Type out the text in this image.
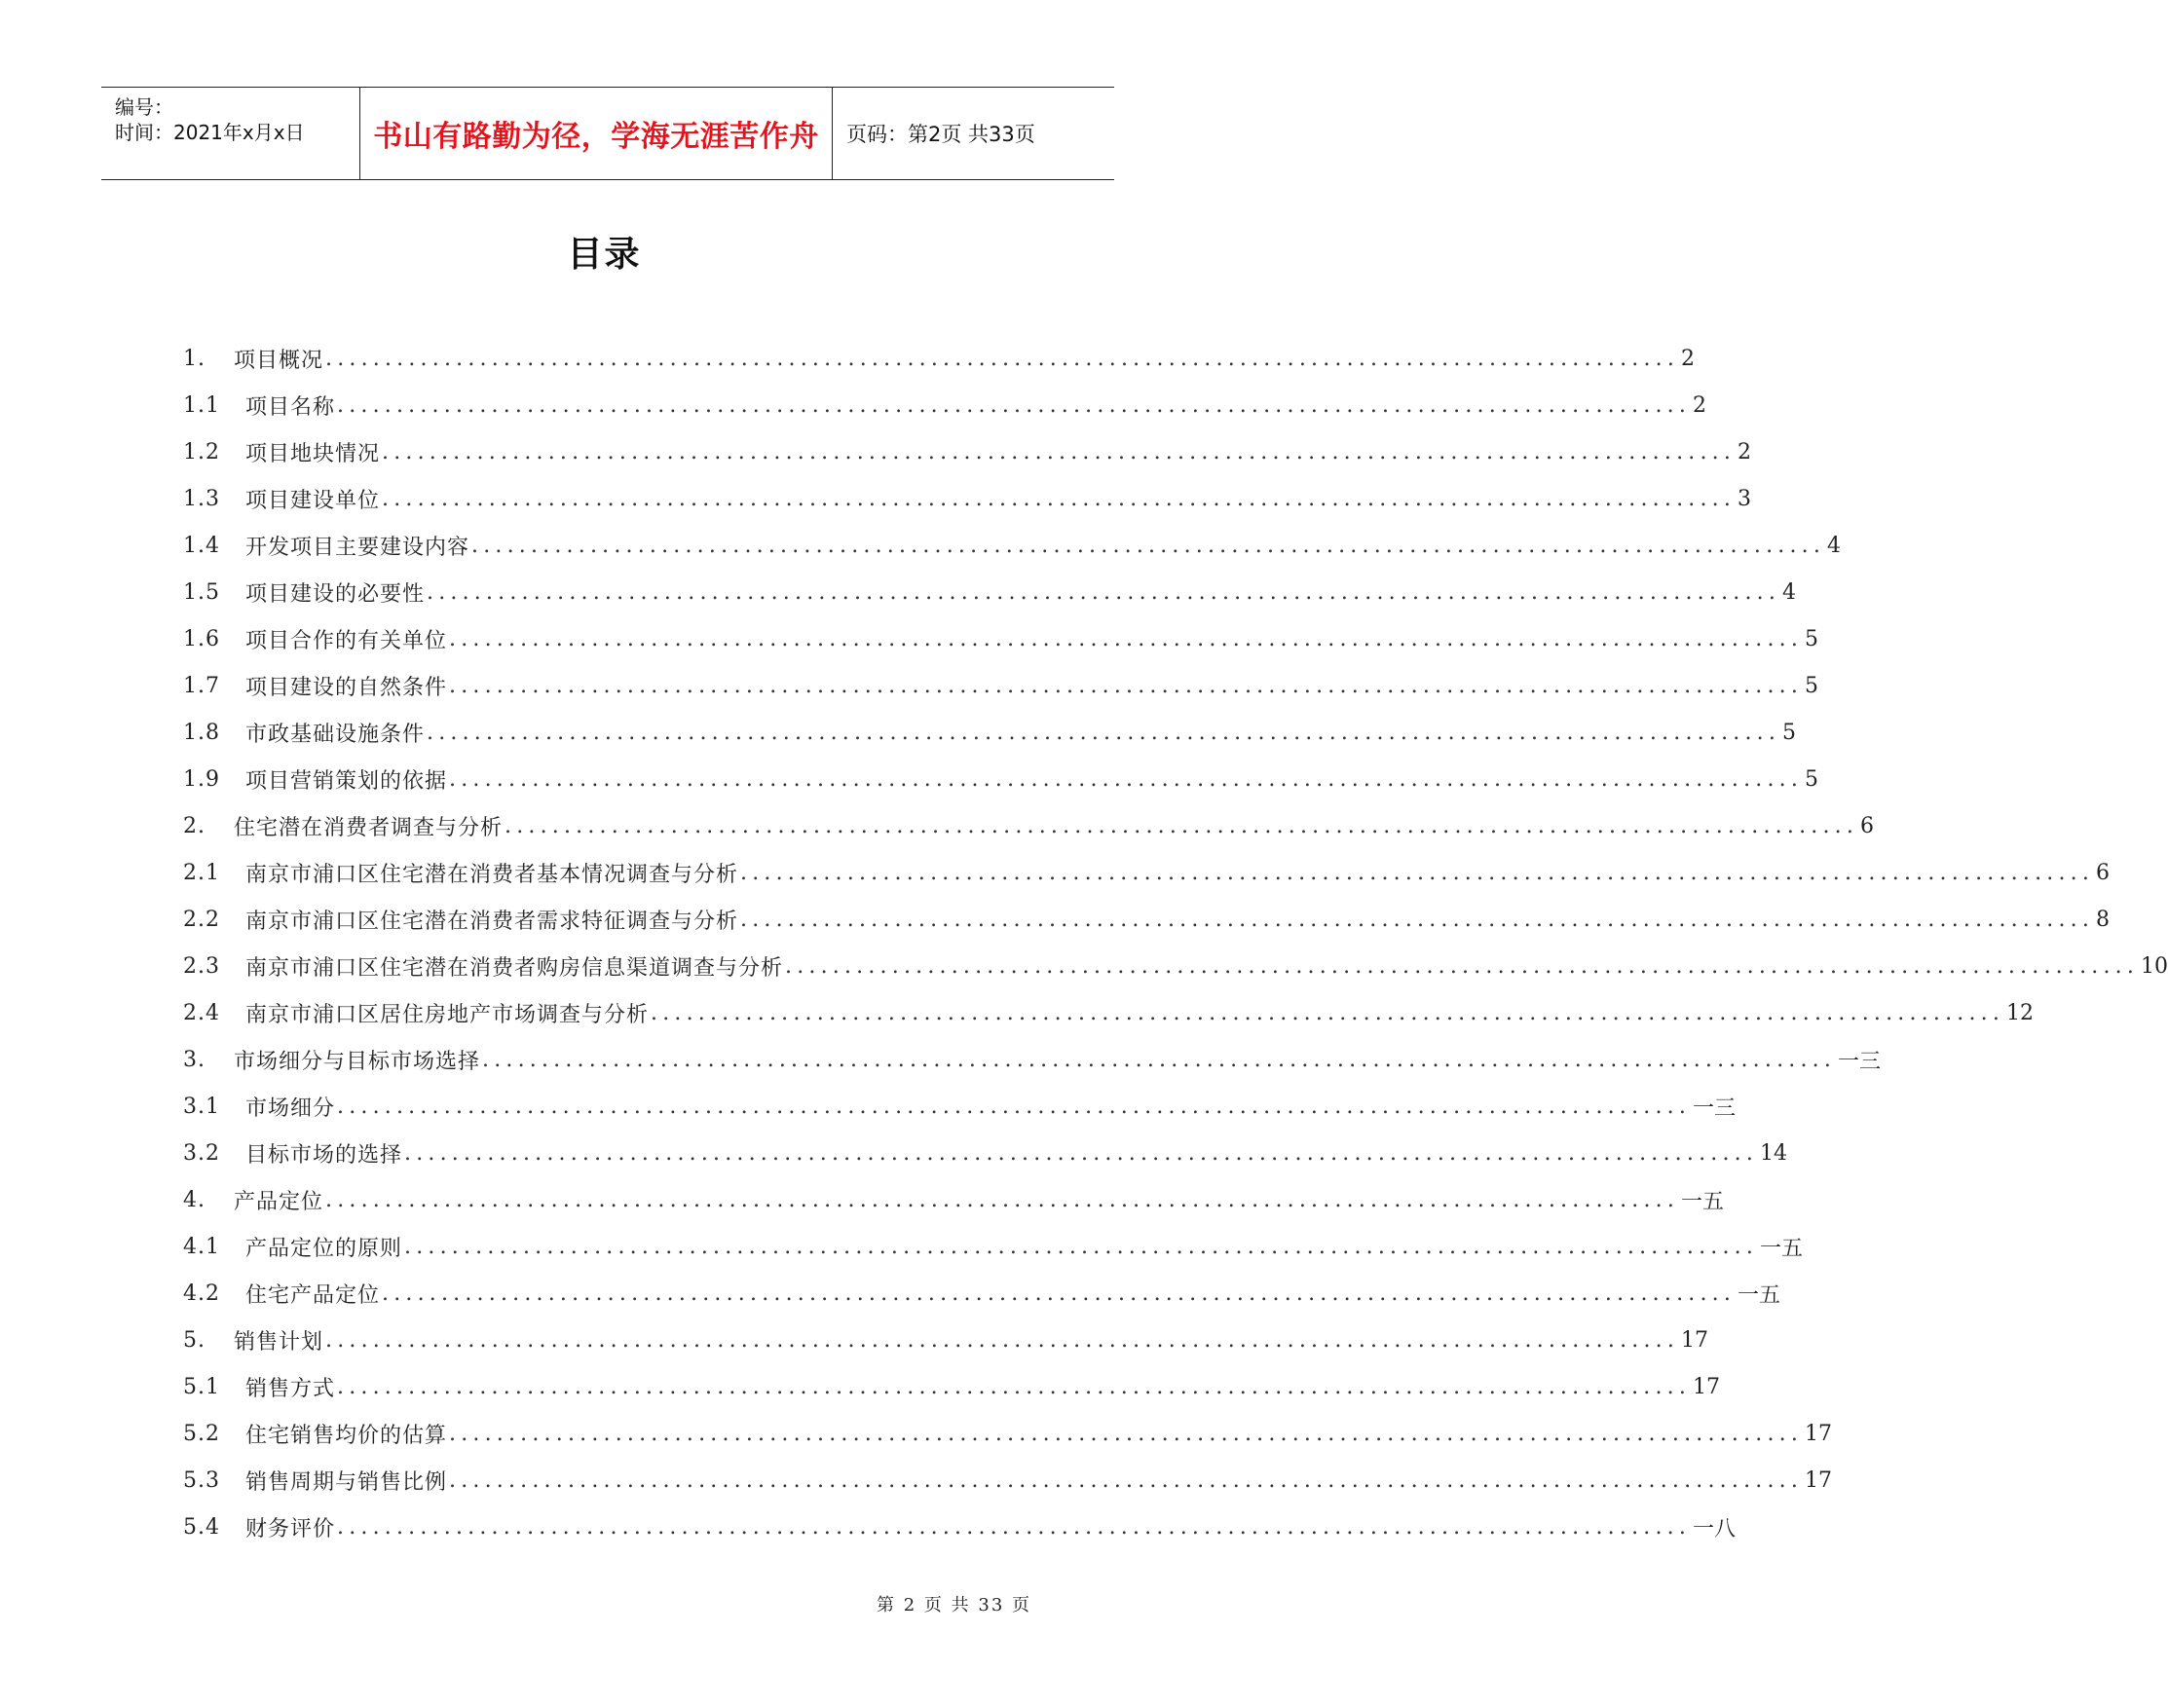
编号：
时间：2021年x月x日	书山有路勤为径，学海无涯苦作舟	页码：第2页 共33页
目录
1.	项目概况 .................................................................................................................. 2
1.1	项目名称 .................................................................................................................. 2
1.2	项目地块情况 .................................................................................................................. 2
1.3	项目建设单位 .................................................................................................................. 3
1.4	开发项目主要建设内容 .................................................................................................................. 4
1.5	项目建设的必要性 .................................................................................................................. 4
1.6	项目合作的有关单位 .................................................................................................................. 5
1.7	项目建设的自然条件 .................................................................................................................. 5
1.8	市政基础设施条件 .................................................................................................................. 5
1.9	项目营销策划的依据 .................................................................................................................. 5
2.	住宅潜在消费者调查与分析 .................................................................................................................. 6
2.1	南京市浦口区住宅潜在消费者基本情况调查与分析 .................................................................................................................. 6
2.2	南京市浦口区住宅潜在消费者需求特征调查与分析 .................................................................................................................. 8
2.3	南京市浦口区住宅潜在消费者购房信息渠道调查与分析 .................................................................................................................. 10
2.4	南京市浦口区居住房地产市场调查与分析 .................................................................................................................. 12
3.	市场细分与目标市场选择 .................................................................................................................. 一三
3.1	市场细分 .................................................................................................................. 一三
3.2	目标市场的选择 .................................................................................................................. 14
4.	产品定位 .................................................................................................................. 一五
4.1	产品定位的原则 .................................................................................................................. 一五
4.2	住宅产品定位 .................................................................................................................. 一五
5.	销售计划 .................................................................................................................. 17
5.1	销售方式 .................................................................................................................. 17
5.2	住宅销售均价的估算 .................................................................................................................. 17
5.3	销售周期与销售比例 .................................................................................................................. 17
5.4	财务评价 .................................................................................................................. 一八
第 2 页 共 33 页
